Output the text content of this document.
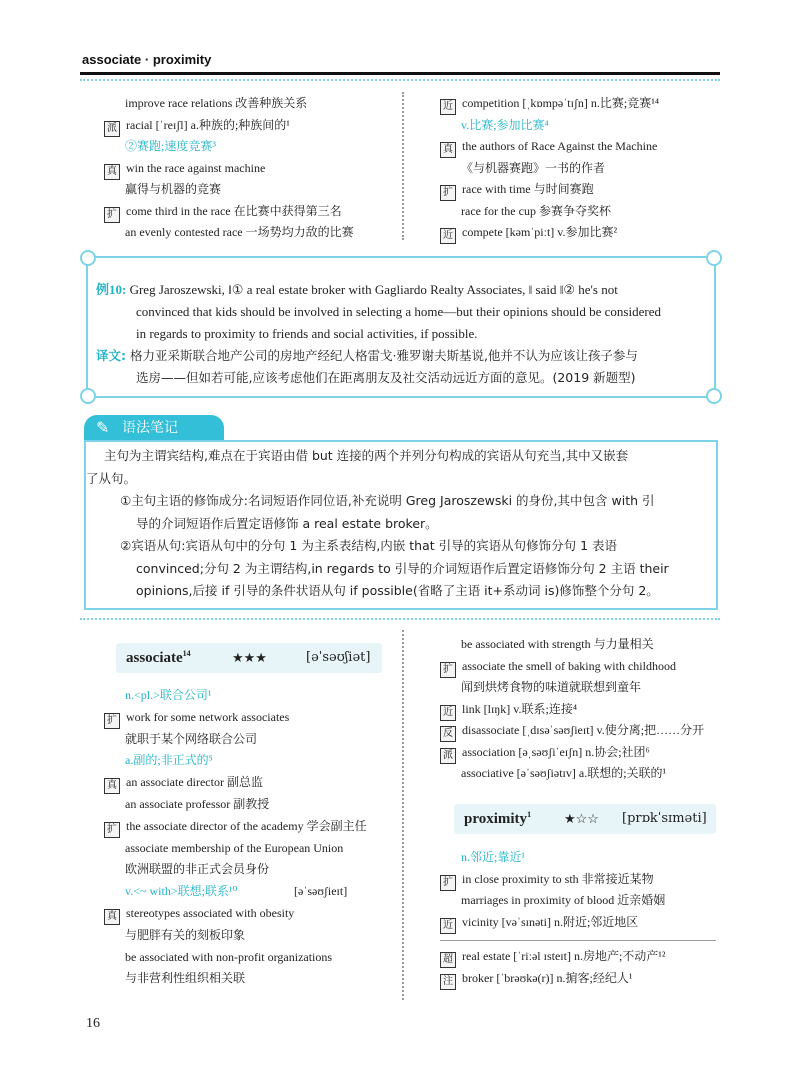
associate · proximity
improve race relations 改善种族关系
派 racial [ˈreɪʃl] a.种族的;种族间的¹
②赛跑;速度竞赛³
真 win the race against machine
赢得与机器的竞赛
扩 come third in the race 在比赛中获得第三名
an evenly contested race 一场势均力敌的比赛
近 competition [ˌkɒmpəˈtɪʃn] n.比赛;竞赛¹⁴
v.比赛;参加比赛⁴
真 the authors of Race Against the Machine
《与机器赛跑》一书的作者
扩 race with time 与时间赛跑
race for the cup 参赛争夺奖杯
近 compete [kəmˈpiːt] v.参加比赛²
例10: Greg Jaroszewski, ‖① a real estate broker with Gagliardo Realty Associates, ‖ said ‖② he's not
convinced that kids should be involved in selecting a home—but their opinions should be considered
in regards to proximity to friends and social activities, if possible.
译文: 格力亚采斯联合地产公司的房地产经纪人格雷戈·雅罗谢夫斯基说,他并不认为应该让孩子参与
选房——但如若可能,应该考虑他们在距离朋友及社交活动远近方面的意见。(2019 新题型)
✎ 语法笔记
主句为主谓宾结构,难点在于宾语由借 but 连接的两个并列分句构成的宾语从句充当,其中又嵌套
了从句。
①主句主语的修饰成分:名词短语作同位语,补充说明 Greg Jaroszewski 的身份,其中包含 with 引
导的介词短语作后置定语修饰 a real estate broker。
②宾语从句:宾语从句中的分句 1 为主系表结构,内嵌 that 引导的宾语从句修饰分句 1 表语
convinced;分句 2 为主谓结构,in regards to 引导的介词短语作后置定语修饰分句 2 主语 their
opinions,后接 if 引导的条件状语从句 if possible(省略了主语 it+系动词 is)修饰整个分句 2。
associate$^{14}$	★★★	[əˈsəʊʃiət]
n.<pl.>联合公司¹
扩 work for some network associates
就职于某个网络联合公司
a.副的;非正式的⁵
真 an associate director 副总监
an associate professor 副教授
扩 the associate director of the academy 学会副主任
associate membership of the European Union
欧洲联盟的非正式会员身份
v.<~ with>联想;联系¹⁰	[əˈsəʊʃieɪt]
真 stereotypes associated with obesity
与肥胖有关的刻板印象
be associated with non-profit organizations
与非营利性组织相关联
be associated with strength 与力量相关
扩 associate the smell of baking with childhood
闻到烘烤食物的味道就联想到童年
近 link [lɪŋk] v.联系;连接⁴
反 disassociate [ˌdɪsəˈsəʊʃieɪt] v.使分离;把……分开
派 association [əˌsəʊʃiˈeɪʃn] n.协会;社团⁶
associative [əˈsəʊʃiətɪv] a.联想的;关联的¹
proximity$^1$	★☆☆ [prɒkˈsɪməti]
n.邻近;靠近¹
扩 in close proximity to sth 非常接近某物
marriages in proximity of blood 近亲婚姻
近 vicinity [vəˈsɪnəti] n.附近;邻近地区
超 real estate [ˈriːəl ɪsteɪt] n.房地产;不动产¹²
注 broker [ˈbrəʊkə(r)] n.掮客;经纪人¹
16
